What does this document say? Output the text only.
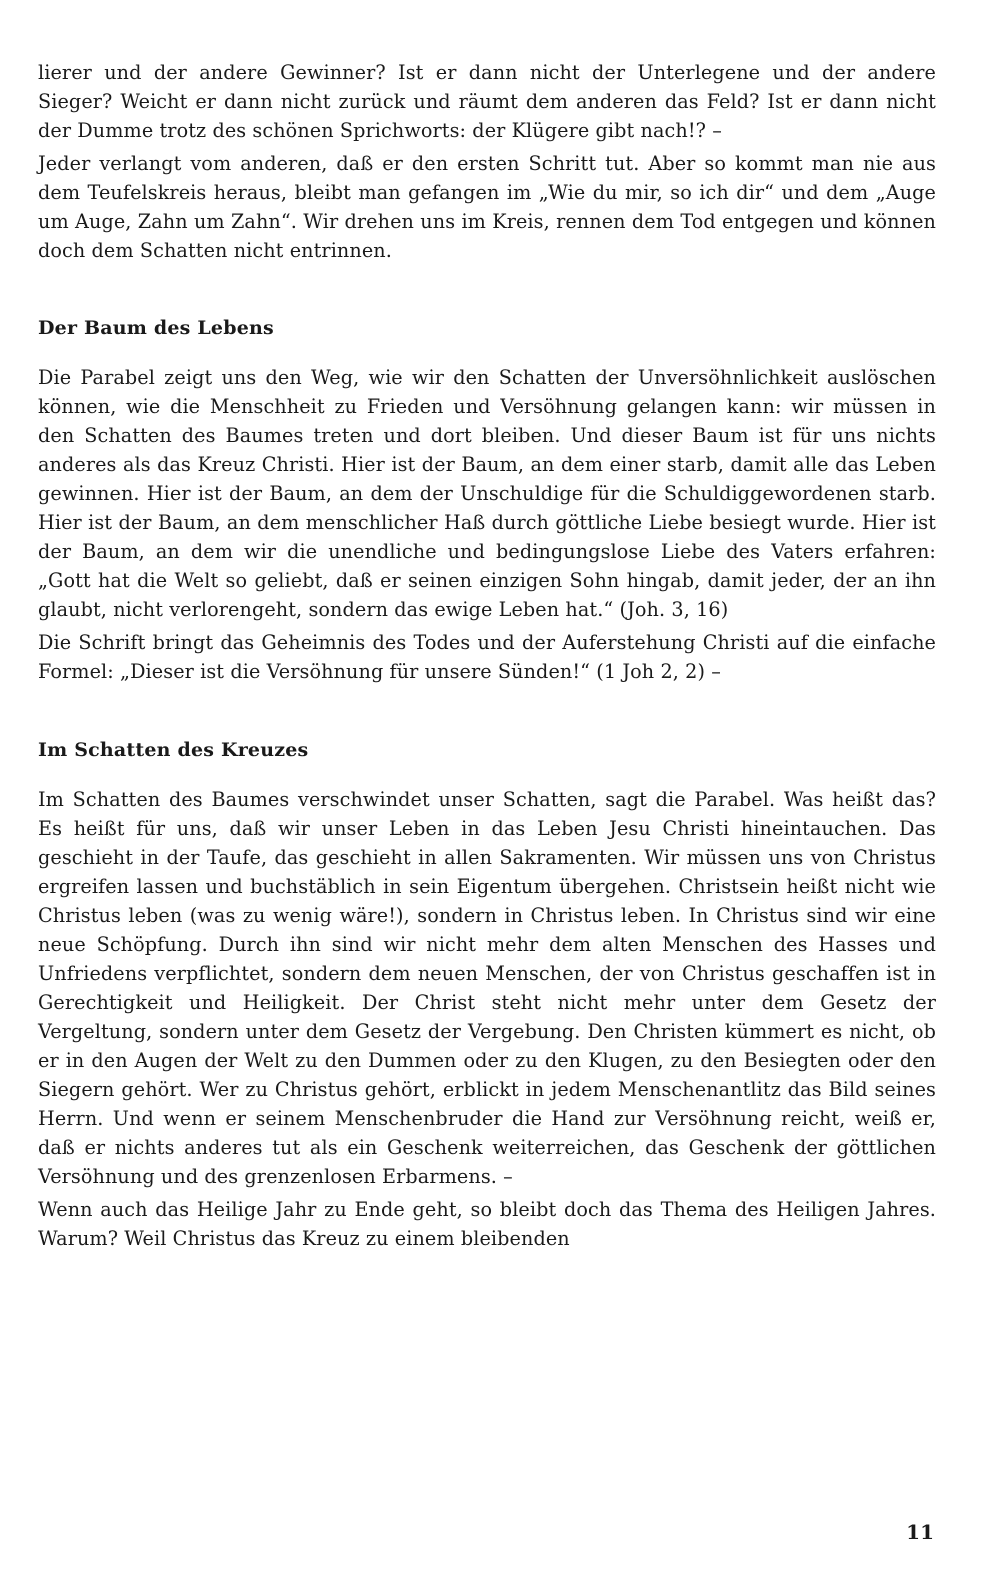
lierer und der andere Gewinner? Ist er dann nicht der Unterlegene und der andere Sieger? Weicht er dann nicht zurück und räumt dem anderen das Feld? Ist er dann nicht der Dumme trotz des schönen Sprichworts: der Klügere gibt nach!? –

Jeder verlangt vom anderen, daß er den ersten Schritt tut. Aber so kommt man nie aus dem Teufelskreis heraus, bleibt man gefangen im „Wie du mir, so ich dir“ und dem „Auge um Auge, Zahn um Zahn“. Wir drehen uns im Kreis, rennen dem Tod entgegen und können doch dem Schatten nicht entrinnen.

Der Baum des Lebens

Die Parabel zeigt uns den Weg, wie wir den Schatten der Unversöhnlichkeit auslöschen können, wie die Menschheit zu Frieden und Versöhnung gelangen kann: wir müssen in den Schatten des Baumes treten und dort bleiben. Und dieser Baum ist für uns nichts anderes als das Kreuz Christi. Hier ist der Baum, an dem einer starb, damit alle das Leben gewinnen. Hier ist der Baum, an dem der Unschuldige für die Schuldiggewordenen starb. Hier ist der Baum, an dem menschlicher Haß durch göttliche Liebe besiegt wurde. Hier ist der Baum, an dem wir die unendliche und bedingungslose Liebe des Vaters erfahren: „Gott hat die Welt so geliebt, daß er seinen einzigen Sohn hingab, damit jeder, der an ihn glaubt, nicht verlorengeht, sondern das ewige Leben hat.“ (Joh. 3, 16)

Die Schrift bringt das Geheimnis des Todes und der Auferstehung Christi auf die einfache Formel: „Dieser ist die Versöhnung für unsere Sünden!“ (1 Joh 2, 2) –

Im Schatten des Kreuzes

Im Schatten des Baumes verschwindet unser Schatten, sagt die Parabel. Was heißt das? Es heißt für uns, daß wir unser Leben in das Leben Jesu Christi hineintauchen. Das geschieht in der Taufe, das geschieht in allen Sakramenten. Wir müssen uns von Christus ergreifen lassen und buchstäblich in sein Eigentum übergehen. Christsein heißt nicht wie Christus leben (was zu wenig wäre!), sondern in Christus leben. In Christus sind wir eine neue Schöpfung. Durch ihn sind wir nicht mehr dem alten Menschen des Hasses und Unfriedens verpflichtet, sondern dem neuen Menschen, der von Christus geschaffen ist in Gerechtigkeit und Heiligkeit. Der Christ steht nicht mehr unter dem Gesetz der Vergeltung, sondern unter dem Gesetz der Vergebung. Den Christen kümmert es nicht, ob er in den Augen der Welt zu den Dummen oder zu den Klugen, zu den Besiegten oder den Siegern gehört. Wer zu Christus gehört, erblickt in jedem Menschenantlitz das Bild seines Herrn. Und wenn er seinem Menschenbruder die Hand zur Versöhnung reicht, weiß er, daß er nichts anderes tut als ein Geschenk weiterreichen, das Geschenk der göttlichen Versöhnung und des grenzenlosen Erbarmens. –

Wenn auch das Heilige Jahr zu Ende geht, so bleibt doch das Thema des Heiligen Jahres. Warum? Weil Christus das Kreuz zu einem bleibenden

11
